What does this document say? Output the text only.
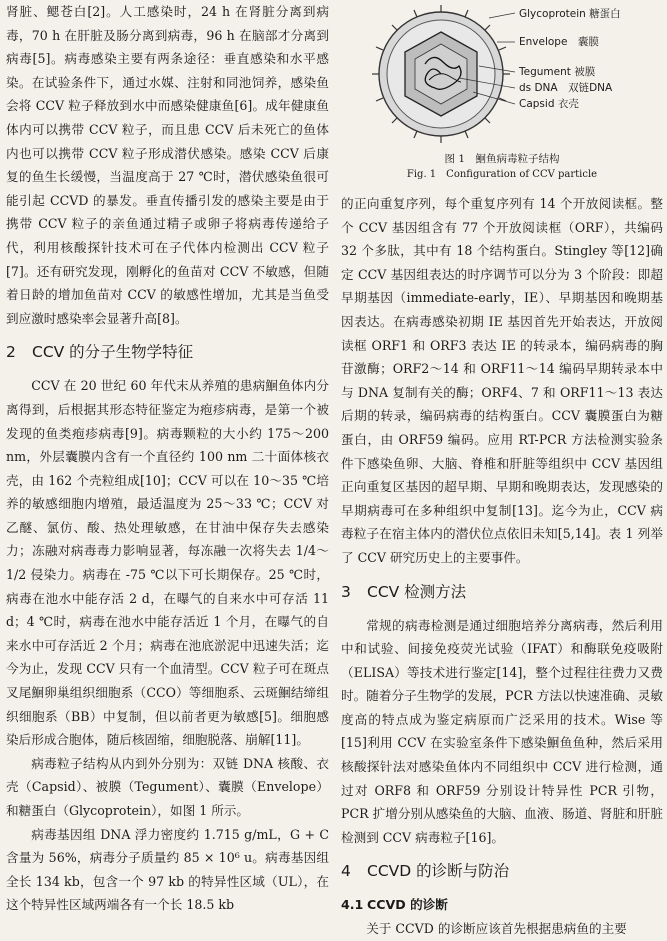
肾脏、鳃苍白[2]。人工感染时，24 h 在肾脏分离到病毒，70 h 在肝脏及肠分离到病毒，96 h 在脑部才分离到病毒[5]。病毒感染主要有两条途径：垂直感染和水平感染。在试验条件下，通过水媒、注射和同池饲养，感染鱼会将 CCV 粒子释放到水中而感染健康鱼[6]。成年健康鱼体内可以携带 CCV 粒子，而且患 CCV 后未死亡的鱼体内也可以携带 CCV 粒子形成潜伏感染。感染 CCV 后康复的鱼生长缓慢，当温度高于 27 ℃时，潜伏感染鱼很可能引起 CCVD 的暴发。垂直传播引发的感染主要是由于携带 CCV 粒子的亲鱼通过精子或卵子将病毒传递给子代，利用核酸探针技术可在子代体内检测出 CCV 粒子[7]。还有研究发现，刚孵化的鱼苗对 CCV 不敏感，但随着日龄的增加鱼苗对 CCV 的敏感性增加，尤其是当鱼受到应激时感染率会显著升高[8]。

2 CCV 的分子生物学特征

CCV 在 20 世纪 60 年代末从养殖的患病鮰鱼体内分离得到，后根据其形态特征鉴定为疱疹病毒，是第一个被发现的鱼类疱疹病毒[9]。病毒颗粒的大小约 175～200 nm，外层囊膜内含有一个直径约 100 nm 二十面体核衣壳，由 162 个壳粒组成[10]；CCV 可以在 10～35 ℃培养的敏感细胞内增殖，最适温度为 25～33 ℃；CCV 对乙醚、氯仿、酸、热处理敏感，在甘油中保存失去感染力；冻融对病毒毒力影响显著，每冻融一次将失去 1/4～1/2 侵染力。病毒在 -75 ℃以下可长期保存。25 ℃时，病毒在池水中能存活 2 d，在曝气的自来水中可存活 11 d；4 ℃时，病毒在池水中能存活近 1 个月，在曝气的自来水中可存活近 2 个月；病毒在池底淤泥中迅速失活；迄今为止，发现 CCV 只有一个血清型。CCV 粒子可在斑点叉尾鮰卵巢组织细胞系（CCO）等细胞系、云斑鮰结缔组织细胞系（BB）中复制，但以前者更为敏感[5]。细胞感染后形成合胞体，随后核固缩，细胞脱落、崩解[11]。

病毒粒子结构从内到外分别为：双链 DNA 核酸、衣壳（Capsid）、被膜（Tegument）、囊膜（Envelope）和糖蛋白（Glycoprotein），如图 1 所示。

病毒基因组 DNA 浮力密度约 1.715 g/mL，G + C 含量为 56%，病毒分子质量约 85 × 10⁶ u。病毒基因组全长 134 kb，包含一个 97 kb 的特异性区域（UL），在这个特异性区域两端各有一个长 18.5 kb

Glycoprotein 糖蛋白
Envelope　囊膜
Tegument 被膜
ds DNA　双链DNA
Capsid 衣壳
图 1　鮰鱼病毒粒子结构
Fig. 1　Configuration of CCV particle

的正向重复序列，每个重复序列有 14 个开放阅读框。整个 CCV 基因组含有 77 个开放阅读框（ORF），共编码 32 个多肽，其中有 18 个结构蛋白。Stingley 等[12]确定 CCV 基因组表达的时序调节可以分为 3 个阶段：即超早期基因（immediate-early，IE）、早期基因和晚期基因表达。在病毒感染初期 IE 基因首先开始表达，开放阅读框 ORF1 和 ORF3 表达 IE 的转录本，编码病毒的胸苷激酶；ORF2～14 和 ORF11～14 编码早期转录本中与 DNA 复制有关的酶；ORF4、7 和 ORF11～13 表达后期的转录，编码病毒的结构蛋白。CCV 囊膜蛋白为糖蛋白，由 ORF59 编码。应用 RT-PCR 方法检测实验条件下感染鱼卵、大脑、脊椎和肝脏等组织中 CCV 基因组正向重复区基因的超早期、早期和晚期表达，发现感染的早期病毒可在多种组织中复制[13]。迄今为止，CCV 病毒粒子在宿主体内的潜伏位点依旧未知[5,14]。表 1 列举了 CCV 研究历史上的主要事件。

3 CCV 检测方法

常规的病毒检测是通过细胞培养分离病毒，然后利用中和试验、间接免疫荧光试验（IFAT）和酶联免疫吸附（ELISA）等技术进行鉴定[14]，整个过程往往费力又费时。随着分子生物学的发展，PCR 方法以快速准确、灵敏度高的特点成为鉴定病原而广泛采用的技术。Wise 等[15]利用 CCV 在实验室条件下感染鮰鱼鱼种，然后采用核酸探针法对感染鱼体内不同组织中 CCV 进行检测，通过对 ORF8 和 ORF59 分别设计特异性 PCR 引物，PCR 扩增分别从感染鱼的大脑、血液、肠道、肾脏和肝脏检测到 CCV 病毒粒子[16]。

4 CCVD 的诊断与防治
4.1 CCVD 的诊断

关于 CCVD 的诊断应该首先根据患病鱼的主要
